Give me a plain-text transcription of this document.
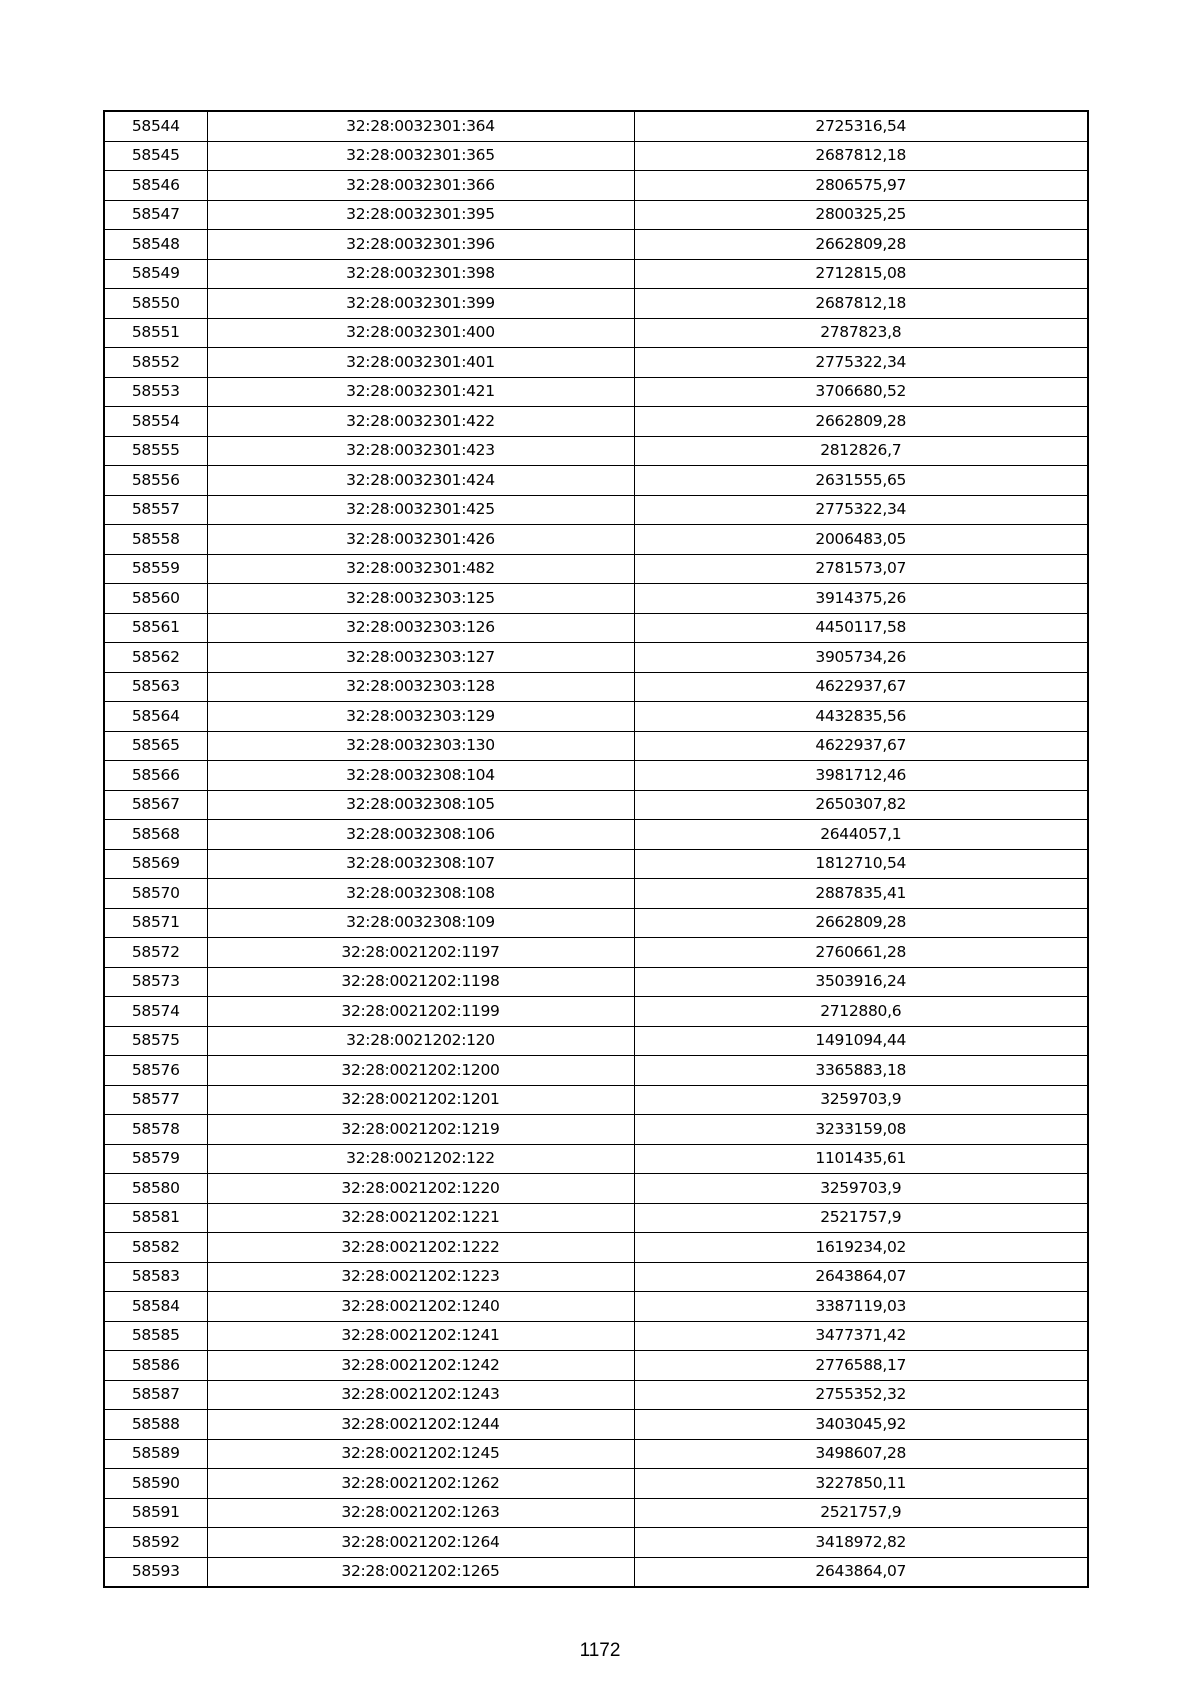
58544	32:28:0032301:364	2725316,54
58545	32:28:0032301:365	2687812,18
58546	32:28:0032301:366	2806575,97
58547	32:28:0032301:395	2800325,25
58548	32:28:0032301:396	2662809,28
58549	32:28:0032301:398	2712815,08
58550	32:28:0032301:399	2687812,18
58551	32:28:0032301:400	2787823,8
58552	32:28:0032301:401	2775322,34
58553	32:28:0032301:421	3706680,52
58554	32:28:0032301:422	2662809,28
58555	32:28:0032301:423	2812826,7
58556	32:28:0032301:424	2631555,65
58557	32:28:0032301:425	2775322,34
58558	32:28:0032301:426	2006483,05
58559	32:28:0032301:482	2781573,07
58560	32:28:0032303:125	3914375,26
58561	32:28:0032303:126	4450117,58
58562	32:28:0032303:127	3905734,26
58563	32:28:0032303:128	4622937,67
58564	32:28:0032303:129	4432835,56
58565	32:28:0032303:130	4622937,67
58566	32:28:0032308:104	3981712,46
58567	32:28:0032308:105	2650307,82
58568	32:28:0032308:106	2644057,1
58569	32:28:0032308:107	1812710,54
58570	32:28:0032308:108	2887835,41
58571	32:28:0032308:109	2662809,28
58572	32:28:0021202:1197	2760661,28
58573	32:28:0021202:1198	3503916,24
58574	32:28:0021202:1199	2712880,6
58575	32:28:0021202:120	1491094,44
58576	32:28:0021202:1200	3365883,18
58577	32:28:0021202:1201	3259703,9
58578	32:28:0021202:1219	3233159,08
58579	32:28:0021202:122	1101435,61
58580	32:28:0021202:1220	3259703,9
58581	32:28:0021202:1221	2521757,9
58582	32:28:0021202:1222	1619234,02
58583	32:28:0021202:1223	2643864,07
58584	32:28:0021202:1240	3387119,03
58585	32:28:0021202:1241	3477371,42
58586	32:28:0021202:1242	2776588,17
58587	32:28:0021202:1243	2755352,32
58588	32:28:0021202:1244	3403045,92
58589	32:28:0021202:1245	3498607,28
58590	32:28:0021202:1262	3227850,11
58591	32:28:0021202:1263	2521757,9
58592	32:28:0021202:1264	3418972,82
58593	32:28:0021202:1265	2643864,07
1172
